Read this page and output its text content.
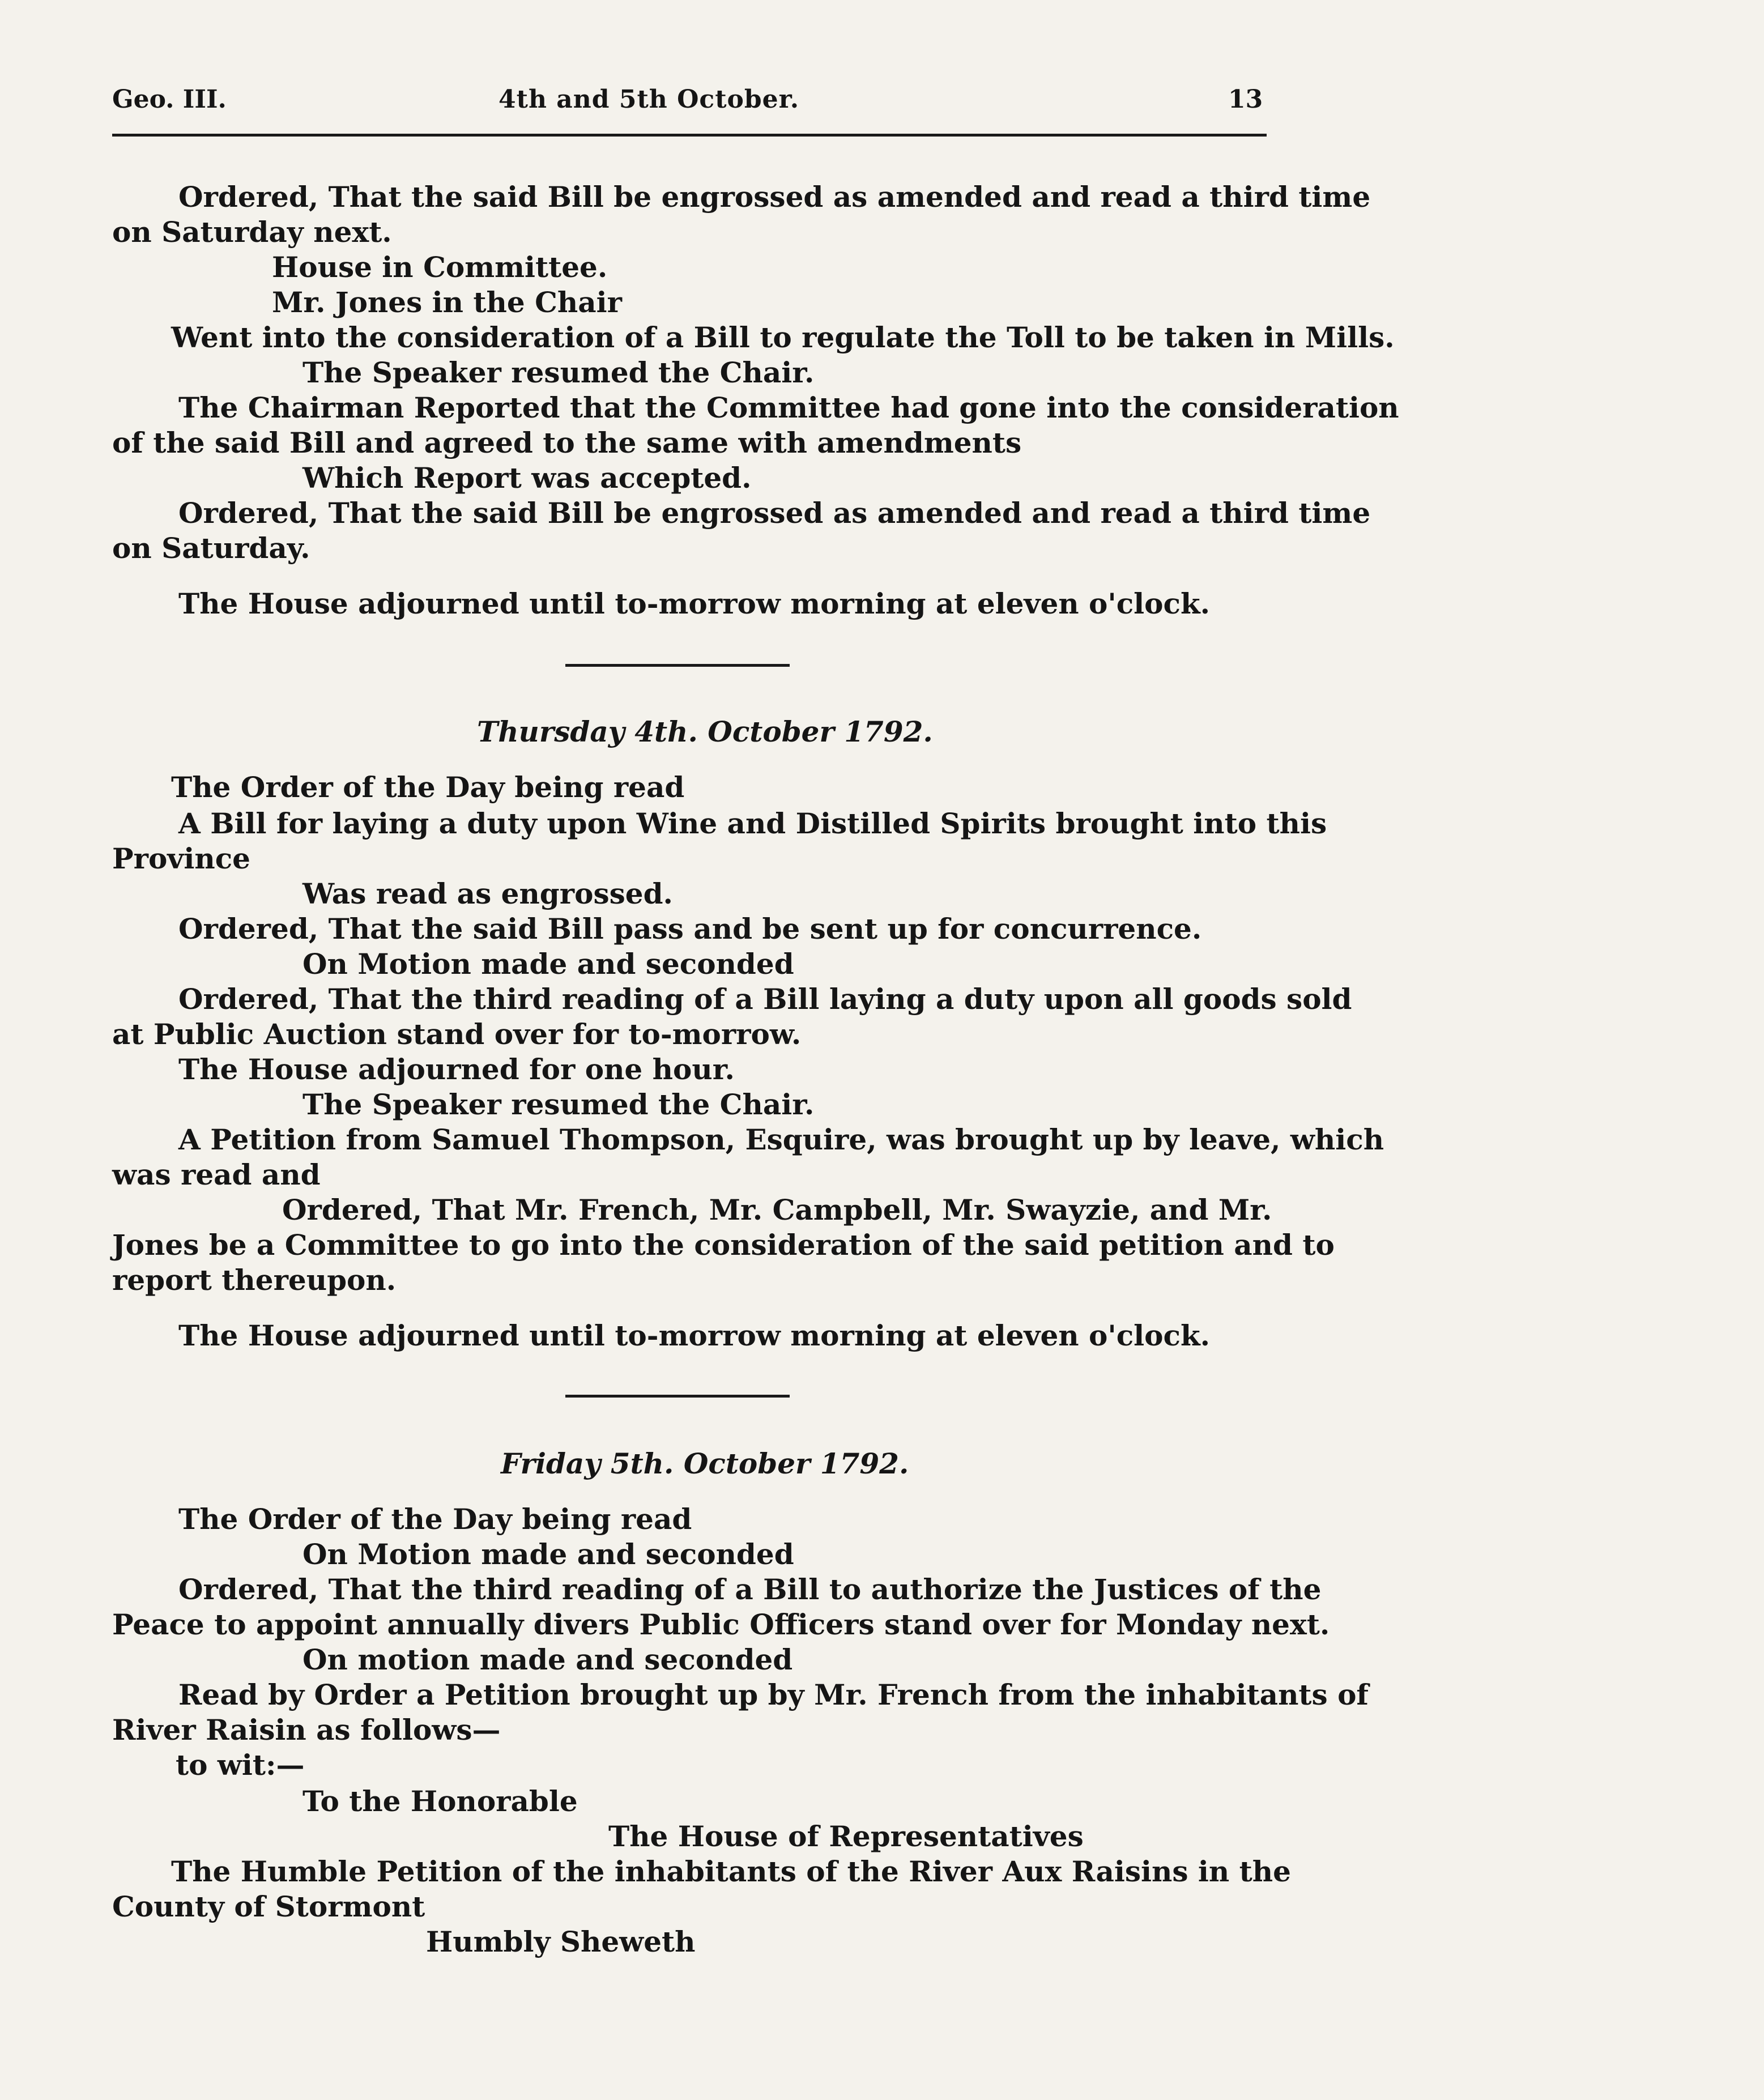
Geo. III.	4th and 5th October.	13
Ordered, That the said Bill be engrossed as amended and read a third time
on Saturday next.
House in Committee.
Mr. Jones in the Chair
Went into the consideration of a Bill to regulate the Toll to be taken in Mills.
The Speaker resumed the Chair.
The Chairman Reported that the Committee had gone into the consideration
of the said Bill and agreed to the same with amendments
Which Report was accepted.
Ordered, That the said Bill be engrossed as amended and read a third time
on Saturday.
The House adjourned until to-morrow morning at eleven o'clock.
Thursday 4th. October 1792.
The Order of the Day being read
A Bill for laying a duty upon Wine and Distilled Spirits brought into this
Province
Was read as engrossed.
Ordered, That the said Bill pass and be sent up for concurrence.
On Motion made and seconded
Ordered, That the third reading of a Bill laying a duty upon all goods sold
at Public Auction stand over for to-morrow.
The House adjourned for one hour.
The Speaker resumed the Chair.
A Petition from Samuel Thompson, Esquire, was brought up by leave, which
was read and
Ordered, That Mr. French, Mr. Campbell, Mr. Swayzie, and Mr.
Jones be a Committee to go into the consideration of the said petition and to
report thereupon.
The House adjourned until to-morrow morning at eleven o'clock.
Friday 5th. October 1792.
The Order of the Day being read
On Motion made and seconded
Ordered, That the third reading of a Bill to authorize the Justices of the
Peace to appoint annually divers Public Officers stand over for Monday next.
On motion made and seconded
Read by Order a Petition brought up by Mr. French from the inhabitants of
River Raisin as follows—
to wit:—
To the Honorable
The House of Representatives
The Humble Petition of the inhabitants of the River Aux Raisins in the
County of Stormont
Humbly Sheweth
